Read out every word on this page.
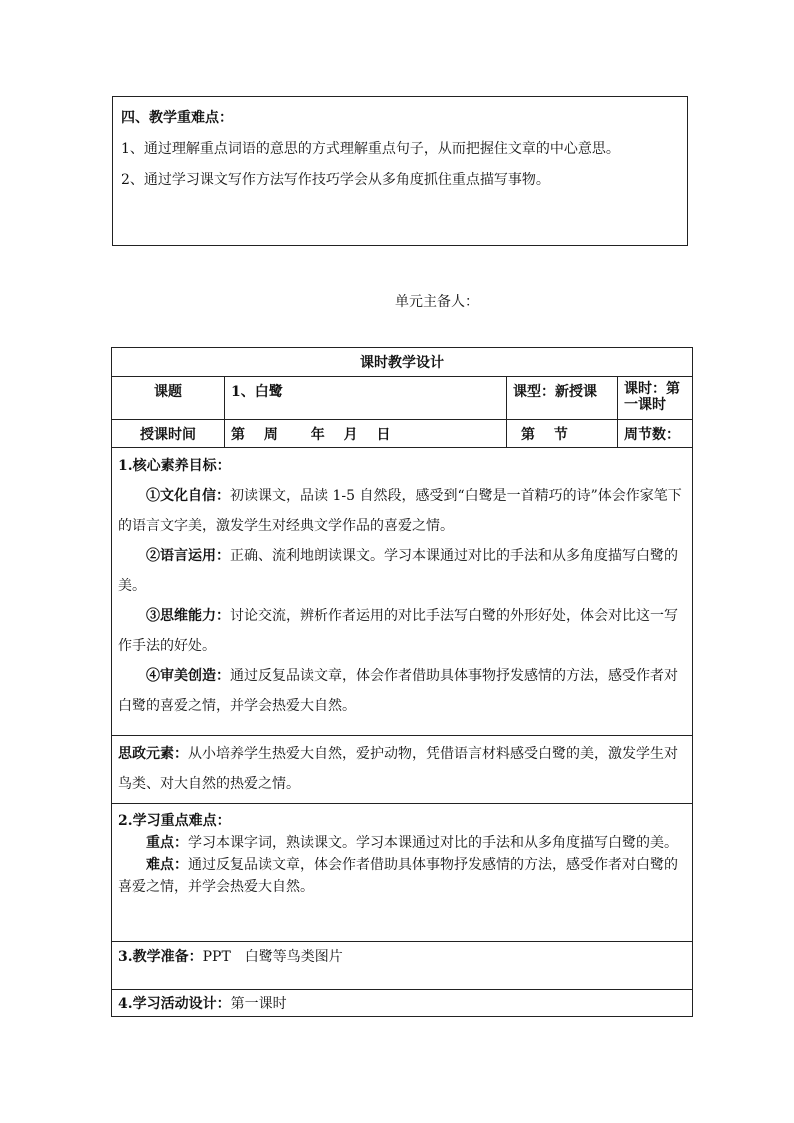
四、教学重难点：
1、通过理解重点词语的意思的方式理解重点句子，从而把握住文章的中心意思。
2、通过学习课文写作方法写作技巧学会从多角度抓住重点描写事物。
单元主备人：
课时教学设计			
课题	1、白鹭	课型：新授课	课时：第一课时
授课时间	第　 周　　 年　 月　 日	第　 节	周节数：

1.核心素养目标：
①文化自信：初读课文，品读 1-5 自然段，感受到“白鹭是一首精巧的诗”体会作家笔下的语言文字美，激发学生对经典文学作品的喜爱之情。
②语言运用：正确、流利地朗读课文。学习本课通过对比的手法和从多角度描写白鹭的美。
③思维能力：讨论交流，辨析作者运用的对比手法写白鹭的外形好处，体会对比这一写作手法的好处。
④审美创造：通过反复品读文章，体会作者借助具体事物抒发感情的方法，感受作者对白鹭的喜爱之情，并学会热爱大自然。			

思政元素：从小培养学生热爱大自然，爱护动物，凭借语言材料感受白鹭的美，激发学生对鸟类、对大自然的热爱之情。			

2.学习重点难点：
重点：学习本课字词，熟读课文。学习本课通过对比的手法和从多角度描写白鹭的美。
难点：通过反复品读文章，体会作者借助具体事物抒发感情的方法，感受作者对白鹭的喜爱之情，并学会热爱大自然。			

3.教学准备：PPT　白鹭等鸟类图片			
4.学习活动设计：第一课时			
